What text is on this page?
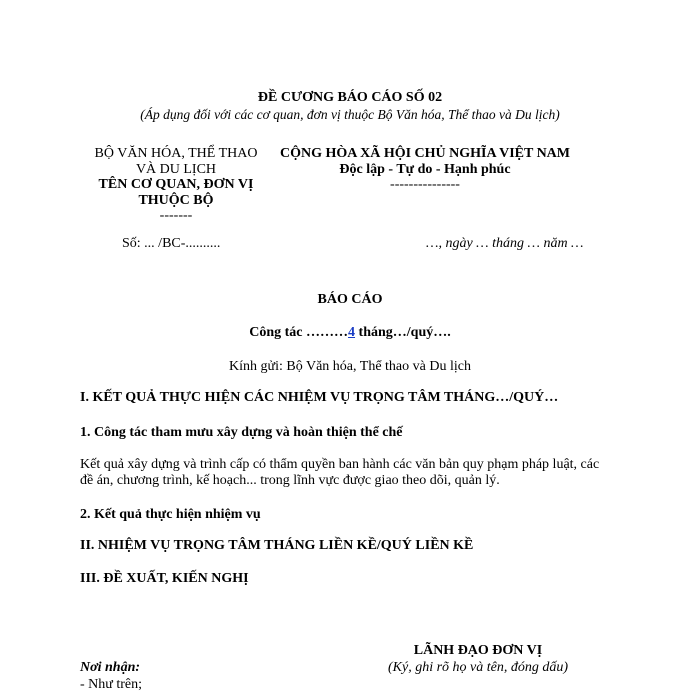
ĐỀ CƯƠNG BÁO CÁO SỐ 02
(Áp dụng đối với các cơ quan, đơn vị thuộc Bộ Văn hóa, Thể thao và Du lịch)
BỘ VĂN HÓA, THỂ THAO
VÀ DU LỊCH
TÊN CƠ QUAN, ĐƠN VỊ
THUỘC BỘ
-------
CỘNG HÒA XÃ HỘI CHỦ NGHĨA VIỆT NAM
Độc lập - Tự do - Hạnh phúc
---------------
Số: ... /BC-..........	…, ngày … tháng … năm …
BÁO CÁO
Công tác ………4 tháng…/quý….
Kính gửi: Bộ Văn hóa, Thể thao và Du lịch
I. KẾT QUẢ THỰC HIỆN CÁC NHIỆM VỤ TRỌNG TÂM THÁNG…/QUÝ…
1. Công tác tham mưu xây dựng và hoàn thiện thể chế
Kết quả xây dựng và trình cấp có thẩm quyền ban hành các văn bản quy phạm pháp luật, các đề án, chương trình, kế hoạch... trong lĩnh vực được giao theo dõi, quản lý.
2. Kết quả thực hiện nhiệm vụ
II. NHIỆM VỤ TRỌNG TÂM THÁNG LIỀN KỀ/QUÝ LIỀN KỀ
III. ĐỀ XUẤT, KIẾN NGHỊ
LÃNH ĐẠO ĐƠN VỊ
(Ký, ghi rõ họ và tên, đóng dấu)
Nơi nhận:
- Như trên;
